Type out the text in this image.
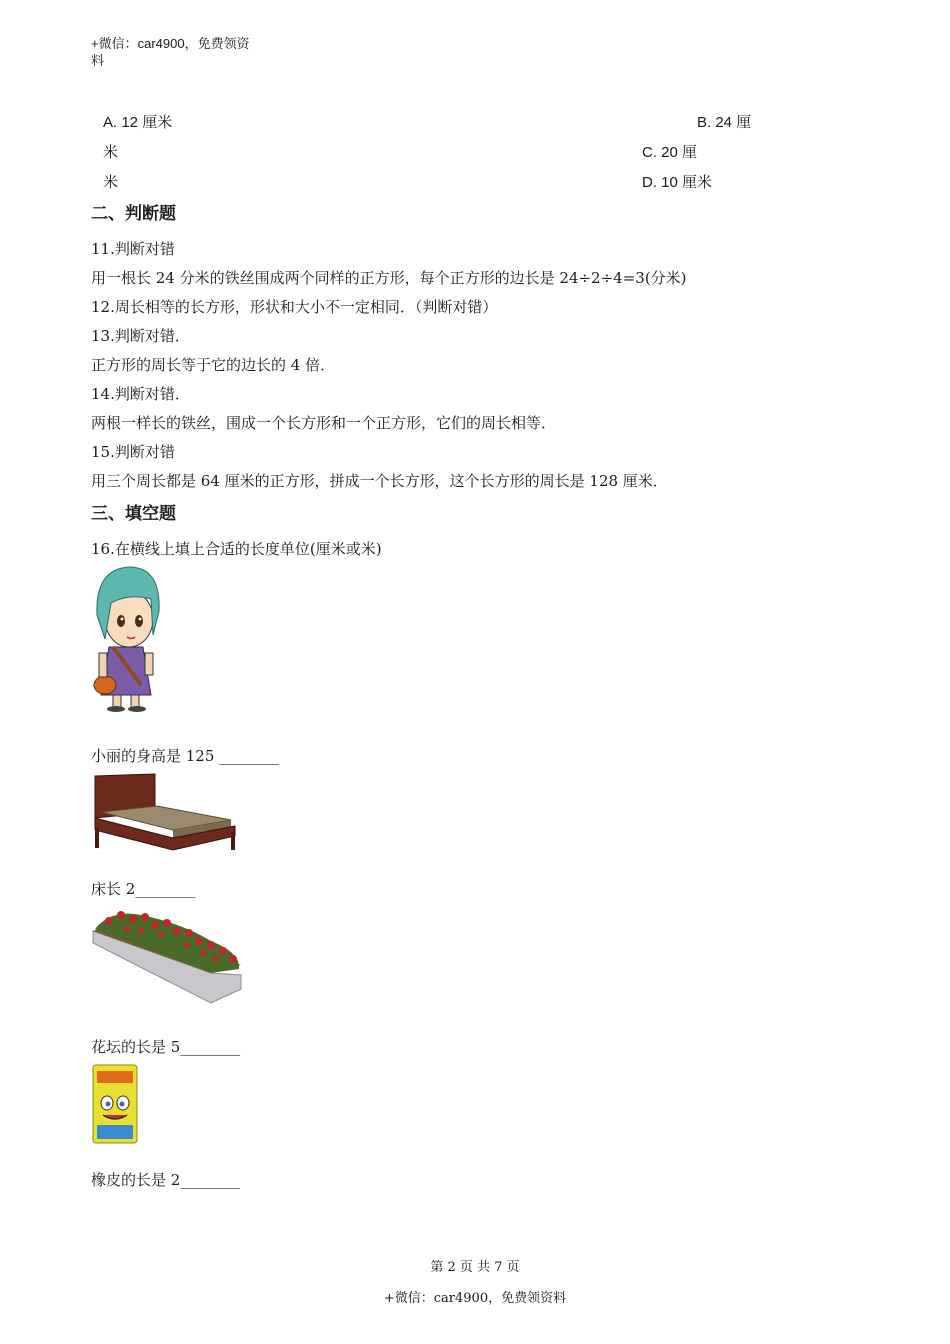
+微信：car4900，免费领资
料
A. 12 厘米	B. 24 厘
米	C. 20 厘
米	D. 10 厘米
二、判断题
11.判断对错
用一根长 24 分米的铁丝围成两个同样的正方形，每个正方形的边长是 24÷2÷4=3(分米)
12.周长相等的长方形，形状和大小不一定相同．（判断对错）
13.判断对错．
正方形的周长等于它的边长的 4 倍．
14.判断对错．
两根一样长的铁丝，围成一个长方形和一个正方形，它们的周长相等．
15.判断对错
用三个周长都是 64 厘米的正方形，拼成一个长方形，这个长方形的周长是 128 厘米．
三、填空题
16.在横线上填上合适的长度单位(厘米或米)
小丽的身高是 125 ________
床长 2________
花坛的长是 5________
橡皮的长是 2________
第 2 页 共 7 页
+微信：car4900，免费领资料
